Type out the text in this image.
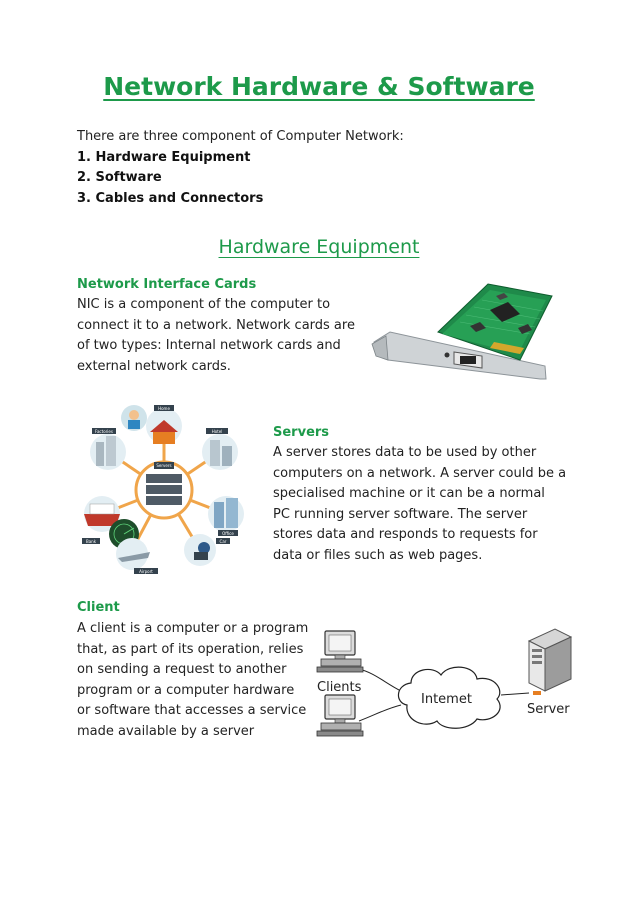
Network Hardware & Software
There are three component of Computer Network:
1. Hardware Equipment
2. Software
3. Cables and Connectors
Hardware Equipment
Network Interface Cards
NIC is a component of the computer to
connect it to a network. Network cards are
of two types: Internal network cards and
external network cards.
Servers
Home
Factories	Hotel
Bank
Office
Airport
Car
Servers
A server stores data to be used by other
computers on a network. A server could be a
specialised machine or it can be a normal
PC running server software. The server
stores data and responds to requests for
data or files such as web pages.
Client
A client is a computer or a program
that, as part of its operation, relies
on sending a request to another
program or a computer hardware
or software that accesses a service
made available by a server
Clients
Intemet
Server
